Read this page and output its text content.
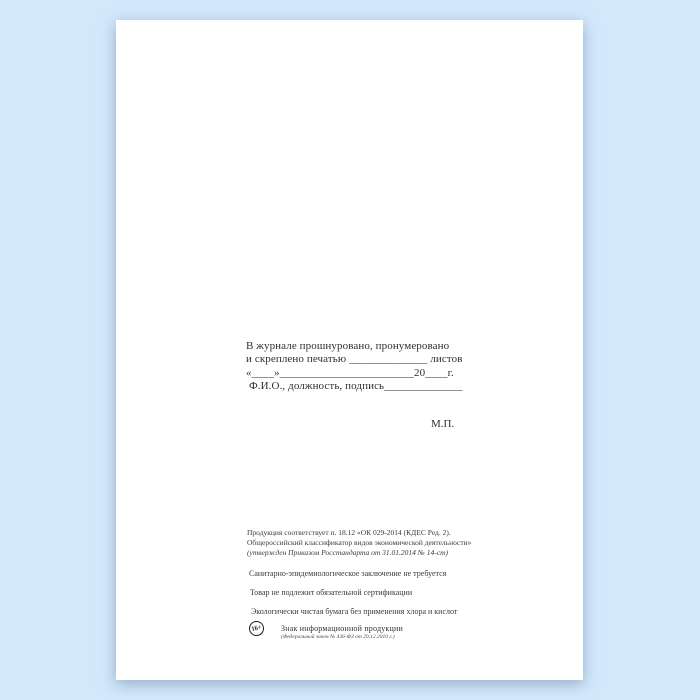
В журнале прошнуровано, пронумеровано
и скреплено печатью ______________ листов
«____»________________________20____г.
Ф.И.О., должность, подпись______________
М.П.
Продукция соответствует п. 18.12 «ОК 029-2014 (КДЕС Ред. 2).
Общероссийский классификатор видов экономической деятельности»
(утвержден Приказом Росстандарта от 31.01.2014 № 14-ст)
Санитарно-эпидемиологическое заключение не требуется
Товар не подлежит обязательной сертификации
Экологически чистая бумага без применения хлора и кислот
16+	Знак информационной продукции
(Федеральный закон № 436-ФЗ от 29.12.2010 г.)
